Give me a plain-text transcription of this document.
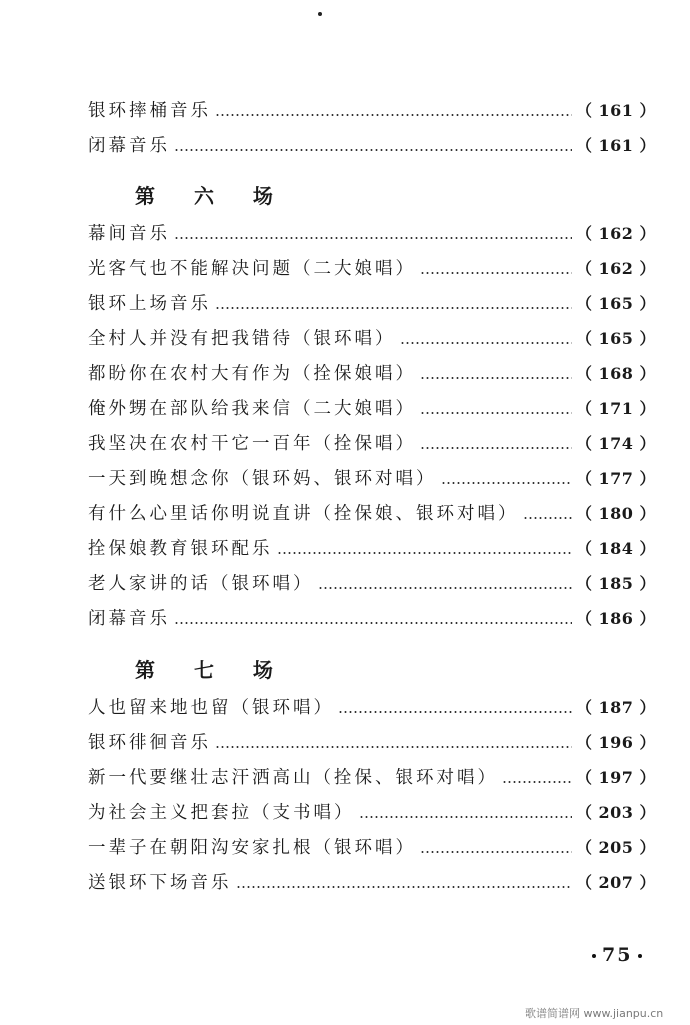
银环摔桶音乐	（ 161 ）
闭幕音乐	（ 161 ）
第 六 场
幕间音乐	（ 162 ）
光客气也不能解决问题（二大娘唱）	（ 162 ）
银环上场音乐	（ 165 ）
全村人并没有把我错待（银环唱）	（ 165 ）
都盼你在农村大有作为（拴保娘唱）	（ 168 ）
俺外甥在部队给我来信（二大娘唱）	（ 171 ）
我坚决在农村干它一百年（拴保唱）	（ 174 ）
一天到晚想念你（银环妈、银环对唱）	（ 177 ）
有什么心里话你明说直讲（拴保娘、银环对唱）	（ 180 ）
拴保娘教育银环配乐	（ 184 ）
老人家讲的话（银环唱）	（ 185 ）
闭幕音乐	（ 186 ）
第 七 场
人也留来地也留（银环唱）	（ 187 ）
银环徘徊音乐	（ 196 ）
新一代要继壮志汗洒高山（拴保、银环对唱）	（ 197 ）
为社会主义把套拉（支书唱）	（ 203 ）
一辈子在朝阳沟安家扎根（银环唱）	（ 205 ）
送银环下场音乐	（ 207 ）
75
歌谱简谱网 www.jianpu.cn
